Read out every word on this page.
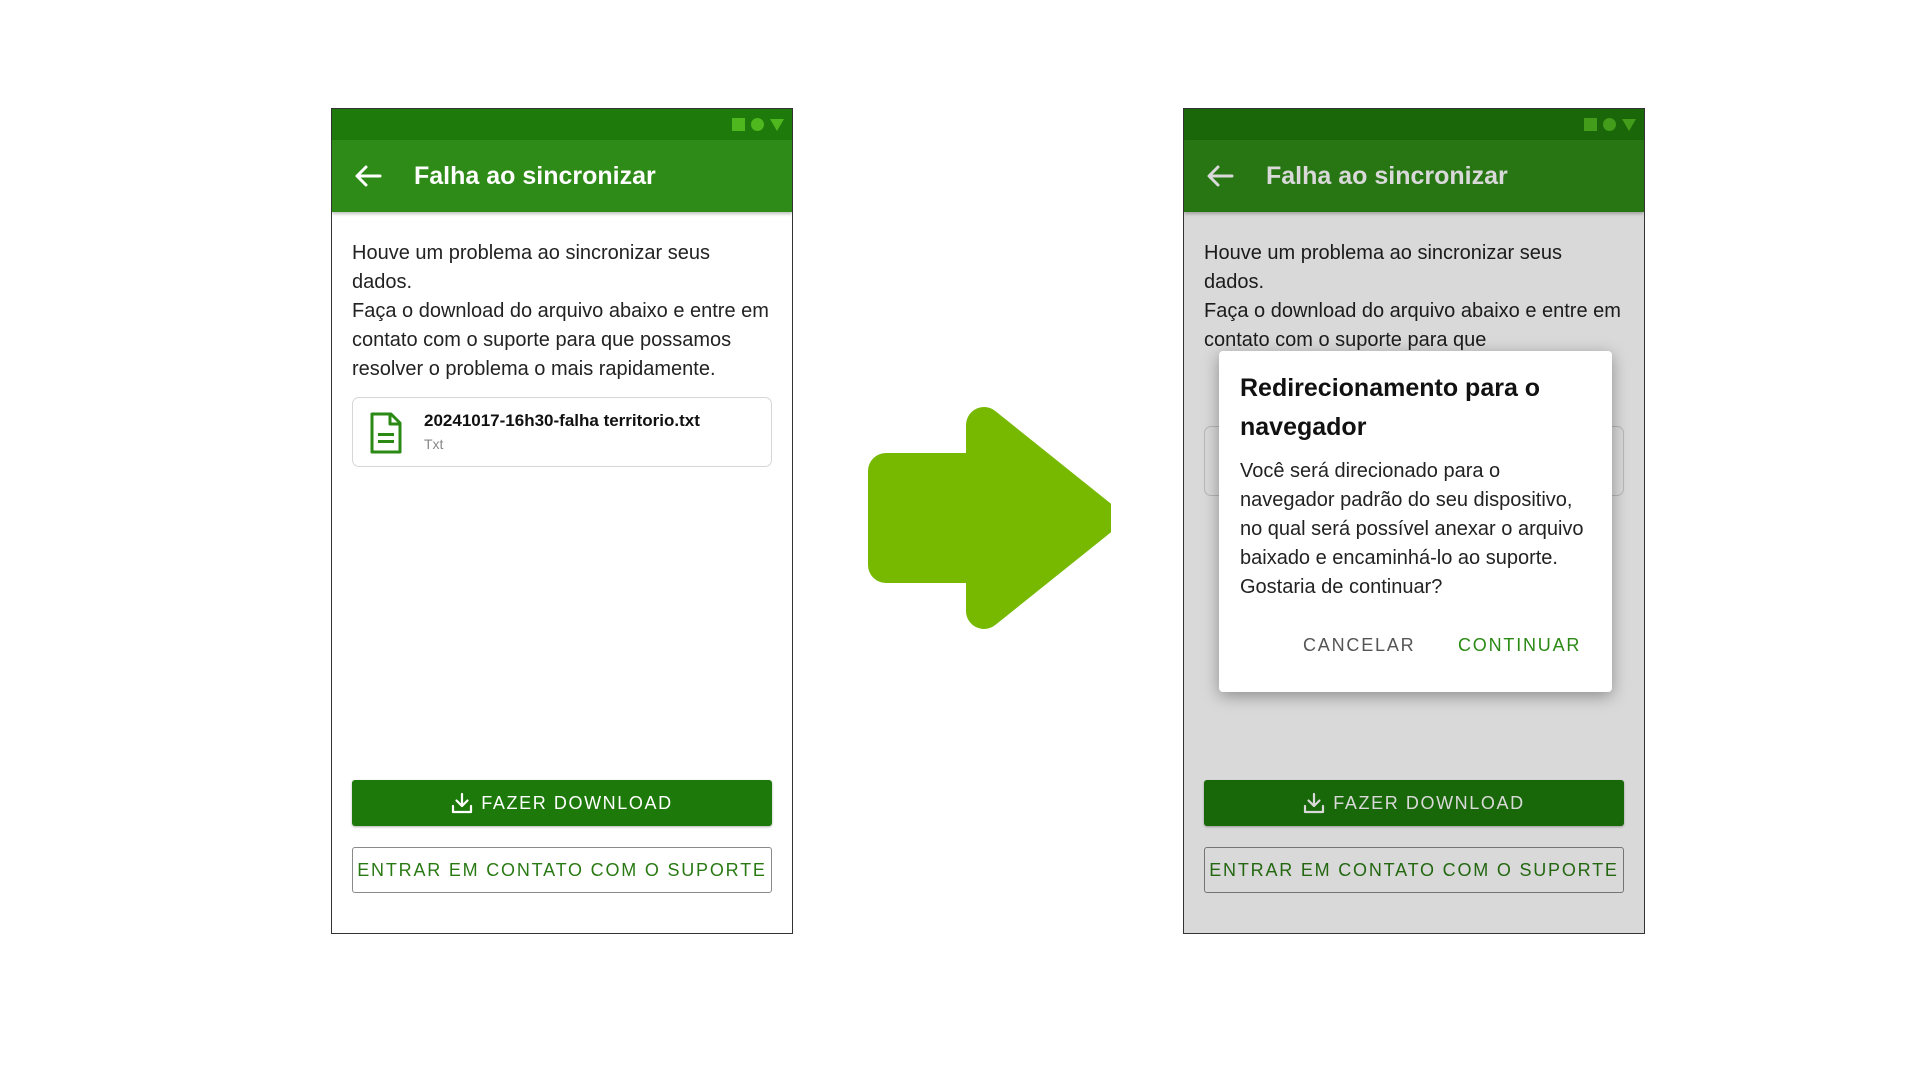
Falha ao sincronizar

Houve um problema ao sincronizar seus dados.

Faça o download do arquivo abaixo e entre em contato com o suporte para que possamos resolver o problema o mais rapidamente.

20241017-16h30-falha territorio.txt
Txt
FAZER DOWNLOAD
ENTRAR EM CONTATO COM O SUPORTE
Falha ao sincronizar

Houve um problema ao sincronizar seus dados.

Faça o download do arquivo abaixo e entre em contato com o suporte para que

FAZER DOWNLOAD
ENTRAR EM CONTATO COM O SUPORTE
Redirecionamento para o navegador

Você será direcionado para o navegador padrão do seu dispositivo, no qual será possível anexar o arquivo baixado e encaminhá-lo ao suporte.

Gostaria de continuar?

CANCELAR CONTINUAR
